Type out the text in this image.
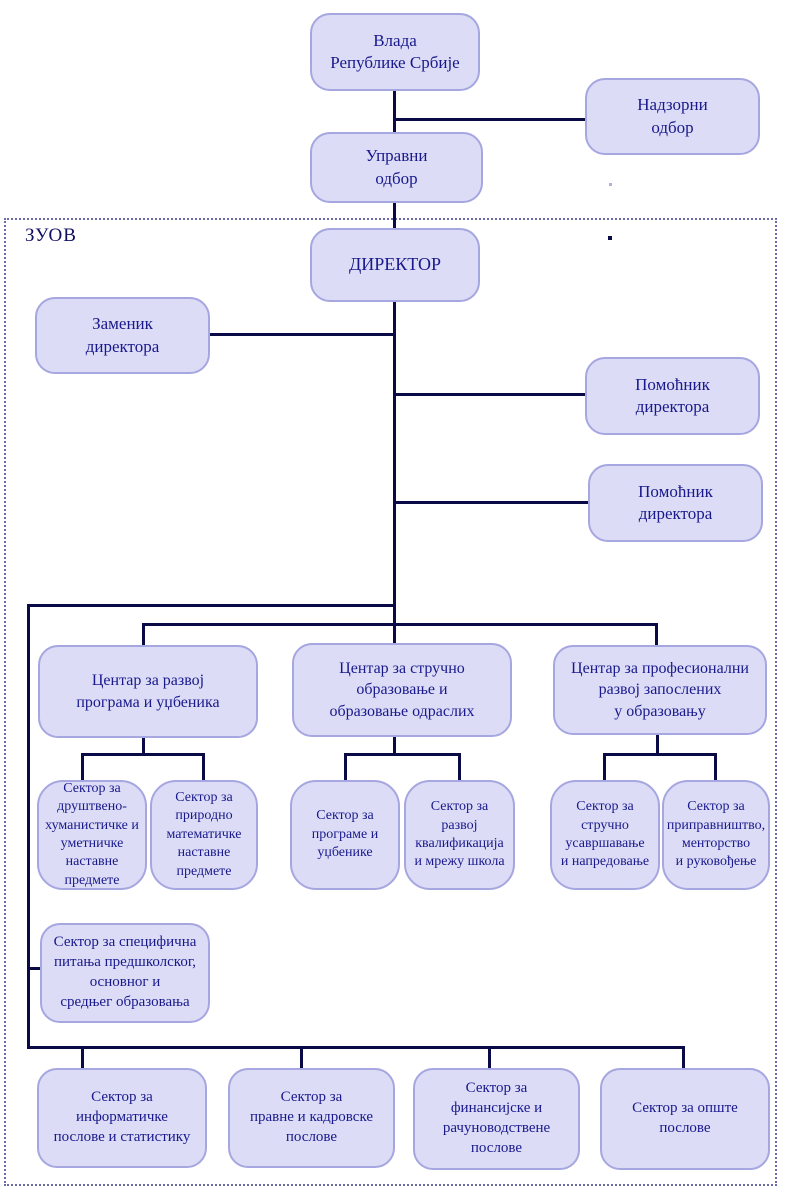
ЗУОВ
Влада
Републике Србије
Надзорни
одбор
Управни
одбор
ДИРЕКТОР
Заменик
директора
Помоћник
директора
Помоћник
директора
Центар за развој
програма и уџбеника
Центар за стручно
образовање и
образовање одраслих
Центар за професионални
развој запослених
у образовању
Сектор за
друштвено-
хуманистичке и
уметничке
наставне
предмете
Сектор за
природно
математичке
наставне
предмете
Сектор за
програме и
уџбенике
Сектор за
развој
квалификација
и мрежу школа
Сектор за
стручно
усавршавање
и напредовање
Сектор за
приправништво,
менторство
и руковођење
Сектор за специфична
питања предшколског,
основног и
средњег образовања
Сектор за
информатичке
послове и статистику
Сектор за
правне и кадровске
послове
Сектор за
финансијске и
рачуноводствене
послове
Сектор за опште
послове
